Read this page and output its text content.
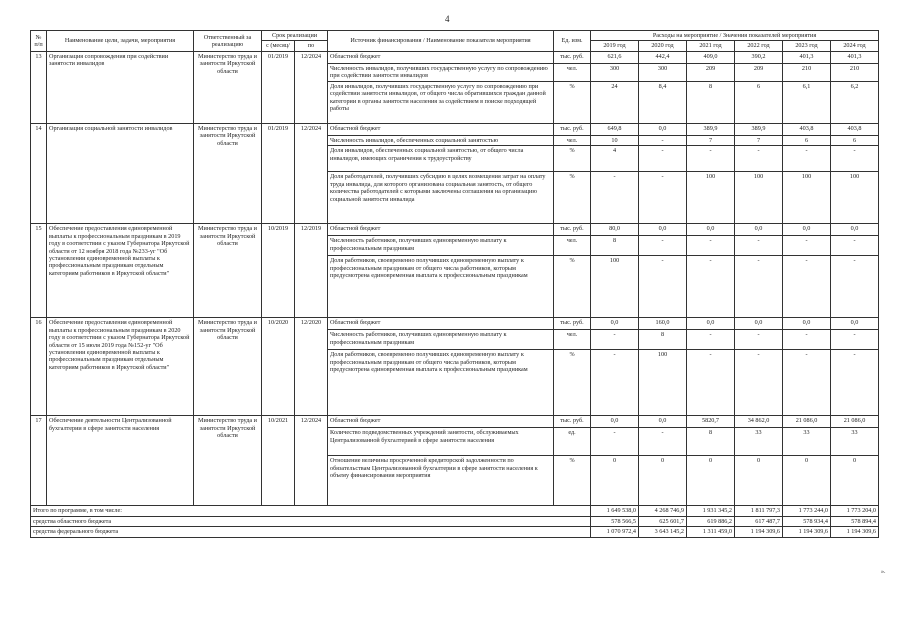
4
№ п/п	Наименование цели, задачи, мероприятия	Ответственный за реализацию	Срок реализации		Источник финансирования / Наименование показателя мероприятия	Ед. изм.	Расходы на мероприятие / Значения показателей мероприятия					
			с (месяц/	по			2019 год	2020 год	2021 год	2022 год	2023 год	2024 год
13	Организация сопровождения при содействии занятости инвалидов	Министерство труда и занятости Иркутской области	01/2019	12/2024	Областной бюджет	тыс. руб.	621,6	442,4	409,0	390,2	401,3	401,3
					Численность инвалидов, получивших государственную услугу по сопровождению при содействии занятости инвалидов	чел.	300	300	209	209	210	210
					Доля инвалидов, получивших государственную услугу по сопровождению при содействии занятости инвалидов, от общего числа обратившихся граждан данной категории в органы занятости населения за содействием в поиске подходящей работы	%	24	8,4	8	6	6,1	6,2
14	Организация социальной занятости инвалидов	Министерство труда и занятости Иркутской области	01/2019	12/2024	Областной бюджет	тыс. руб.	649,8	0,0	389,9	389,9	403,8	403,8
					Численность инвалидов, обеспеченных социальной занятостью	чел.	10	-	7	7	6	6
					Доля инвалидов, обеспеченных социальной занятостью, от общего числа инвалидов, имеющих ограничения к трудоустройству	%	4	-	-	-	-	-
					Доля работодателей, получивших субсидию в целях возмещения затрат на оплату труда инвалида, для которого организована социальная занятость, от общего количества работодателей с которыми заключены соглашения на организацию социальной занятости инвалида	%	-	-	100	100	100	100
15	Обеспечение предоставления единовременной выплаты к профессиональным праздникам в 2019 году в соответствии с указом Губернатора Иркутской области от 12 ноября 2018 года №233-уг "Об установлении единовременной выплаты к профессиональным праздникам отдельным категориям работников в Иркутской области"	Министерство труда и занятости Иркутской области	10/2019	12/2019	Областной бюджет	тыс. руб.	80,0	0,0	0,0	0,0	0,0	0,0
					Численность работников, получивших единовременную выплату к профессиональным праздникам	чел.	8	-	-	-	-	-
					Доля работников, своевременно получивших единовременную выплату к профессиональным праздникам от общего числа работников, которым предусмотрена единовременная выплата к профессиональным праздникам	%	100	-	-	-	-	-
16	Обеспечение предоставления единовременной выплаты к профессиональным праздникам в 2020 году в соответствии с указом Губернатора Иркутской области от 15 июля 2019 года №152-уг "Об установлении единовременной выплаты к профессиональным праздникам отдельным категориям работников в Иркутской области"	Министерство труда и занятости Иркутской области	10/2020	12/2020	Областной бюджет	тыс. руб.	0,0	160,0	0,0	0,0	0,0	0,0
					Численность работников, получивших единовременную выплату к профессиональным праздникам	чел.	-	8	-	-	-	-
					Доля работников, своевременно получивших единовременную выплату к профессиональным праздникам от общего числа работников, которым предусмотрена единовременная выплата к профессиональным праздникам	%	-	100	-	-	-	-
17	Обеспечение деятельности Централизованной бухгалтерии в сфере занятости населения	Министерство труда и занятости Иркутской области	10/2021	12/2024	Областной бюджет	тыс. руб.	0,0	0,0	5820,7	34 862,0	21 086,0	21 086,0
					Количество подведомственных учреждений занятости, обслуживаемых Централизованной бухгалтерией в сфере занятости населения	ед.	-	-	8	33	33	33
					Отношение величины просроченной кредиторской задолженности по обязательствам Централизованной бухгалтерии в сфере занятости населения к объему финансирования мероприятия	%	0	0	0	0	0	0
Итого по программе, в том числе:							1 649 538,0	4 268 746,9	1 931 345,2	1 811 797,3	1 773 244,0	1 773 204,0
средства областного бюджета							578 566,5	625 601,7	619 886,2	617 487,7	578 934,4	578 894,4
средства федерального бюджета							1 070 972,4	3 643 145,2	1 311 459,0	1 194 309,6	1 194 309,6	1 194 309,6
».
